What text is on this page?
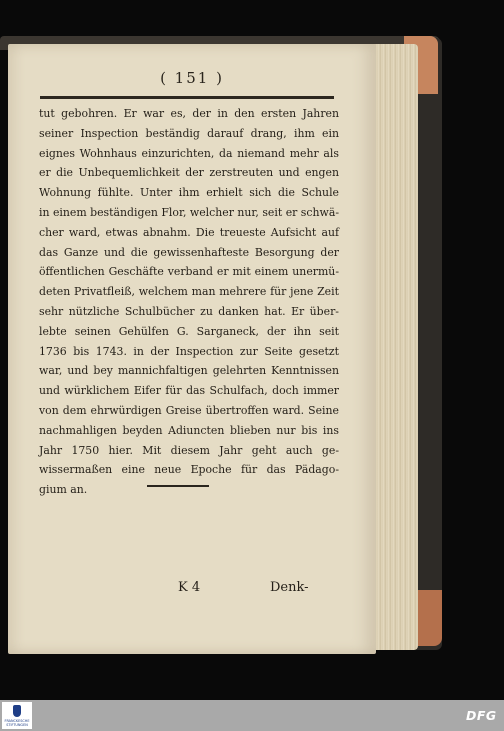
( 151 )
tut gebohren. Er war es, der in den ersten Jahren
seiner Inspection beständig darauf drang, ihm ein
eignes Wohnhaus einzurichten, da niemand mehr als
er die Unbequemlichkeit der zerstreuten und engen
Wohnung fühlte. Unter ihm erhielt sich die Schule
in einem beständigen Flor, welcher nur, seit er schwä-
cher ward, etwas abnahm. Die treueste Aufsicht auf
das Ganze und die gewissenhafteste Besorgung der
öffentlichen Geschäfte verband er mit einem unermü-
deten Privatfleiß, welchem man mehrere für jene Zeit
sehr nützliche Schulbücher zu danken hat. Er über-
lebte seinen Gehülfen G. Sarganeck, der ihn seit
1736 bis 1743. in der Inspection zur Seite gesetzt
war, und bey mannichfaltigen gelehrten Kenntnissen
und würklichem Eifer für das Schulfach, doch immer
von dem ehrwürdigen Greise übertroffen ward. Seine
nachmahligen beyden Adiuncten blieben nur bis ins
Jahr 1750 hier. Mit diesem Jahr geht auch ge-
wissermaßen eine neue Epoche für das Pädago-
gium an.
K 4	Denk-
FRANCKESCHE STIFTUNGEN
DFG
